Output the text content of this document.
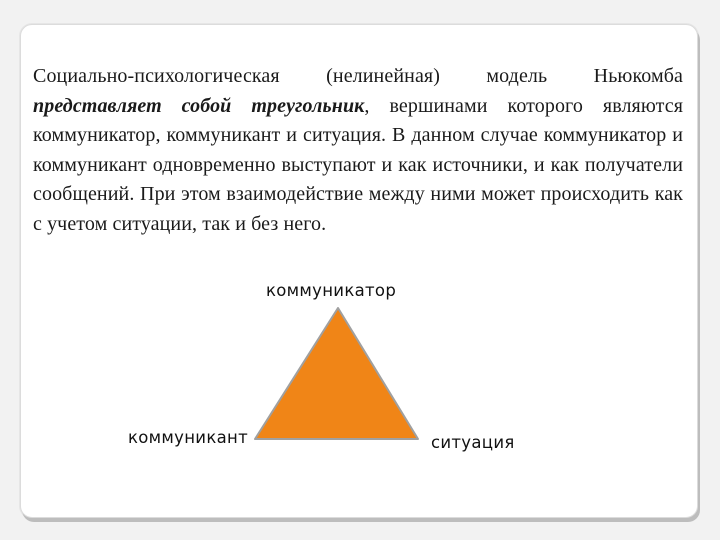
Социально-психологическая (нелинейная) модель Ньюкомба представляет собой треугольник, вершинами которого являются коммуникатор, коммуникант и ситуация. В данном случае коммуникатор и коммуникант одновременно выступают и как источники, и как получатели сообщений. При этом взаимодействие между ними может происходить как с учетом ситуации, так и без него.
коммуникатор
коммуникант	ситуация
